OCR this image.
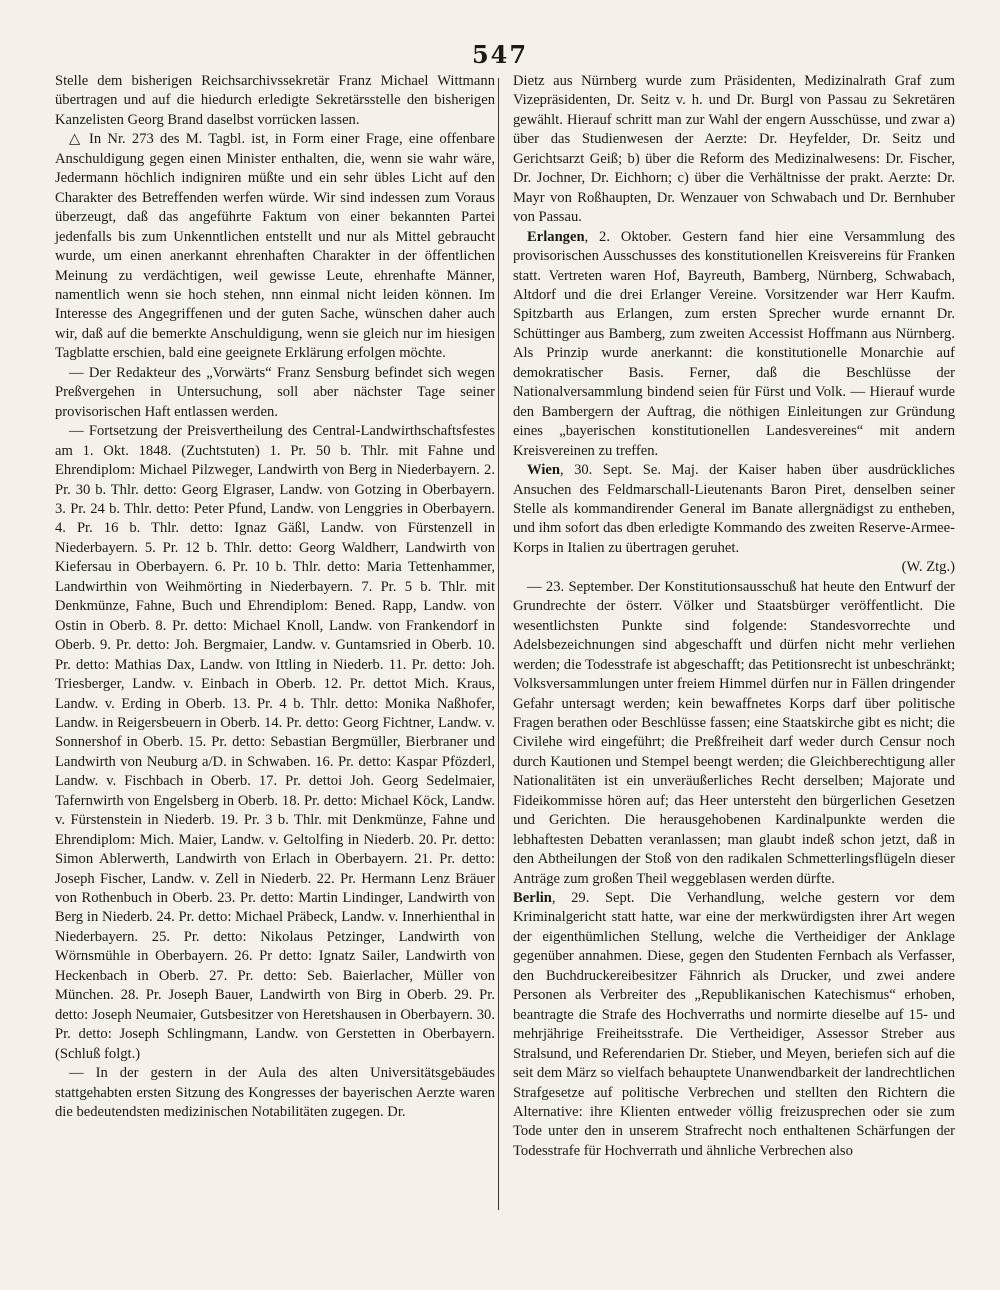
547

Stelle dem bisherigen Reichsarchivssekretär Franz Michael Wittmann übertragen und auf die hiedurch erledigte Sekretärsstelle den bisherigen Kanzelisten Georg Brand daselbst vorrücken lassen.

△ In Nr. 273 des M. Tagbl. ist, in Form einer Frage, eine offenbare Anschuldigung gegen einen Minister enthalten, die, wenn sie wahr wäre, Jedermann höchlich indigniren müßte und ein sehr übles Licht auf den Charakter des Betreffenden werfen würde. Wir sind indessen zum Voraus überzeugt, daß das angeführte Faktum von einer bekannten Partei jedenfalls bis zum Unkenntlichen entstellt und nur als Mittel gebraucht wurde, um einen anerkannt ehrenhaften Charakter in der öffentlichen Meinung zu verdächtigen, weil gewisse Leute, ehrenhafte Männer, namentlich wenn sie hoch stehen, nnn einmal nicht leiden können. Im Interesse des Angegriffenen und der guten Sache, wünschen daher auch wir, daß auf die bemerkte Anschuldigung, wenn sie gleich nur im hiesigen Tagblatte erschien, bald eine geeignete Erklärung erfolgen möchte.

— Der Redakteur des „Vorwärts“ Franz Sensburg befindet sich wegen Preßvergehen in Untersuchung, soll aber nächster Tage seiner provisorischen Haft entlassen werden.

— Fortsetzung der Preisvertheilung des Central-Landwirthschaftsfestes am 1. Okt. 1848. (Zuchtstuten) 1. Pr. 50 b. Thlr. mit Fahne und Ehrendiplom: Michael Pilzweger, Landwirth von Berg in Niederbayern. 2. Pr. 30 b. Thlr. detto: Georg Elgraser, Landw. von Gotzing in Oberbayern. 3. Pr. 24 b. Thlr. detto: Peter Pfund, Landw. von Lenggries in Oberbayern. 4. Pr. 16 b. Thlr. detto: Ignaz Gäßl, Landw. von Fürstenzell in Niederbayern. 5. Pr. 12 b. Thlr. detto: Georg Waldherr, Landwirth von Kiefersau in Oberbayern. 6. Pr. 10 b. Thlr. detto: Maria Tettenhammer, Landwirthin von Weihmörting in Niederbayern. 7. Pr. 5 b. Thlr. mit Denkmünze, Fahne, Buch und Ehrendiplom: Bened. Rapp, Landw. von Ostin in Oberb. 8. Pr. detto: Michael Knoll, Landw. von Frankendorf in Oberb. 9. Pr. detto: Joh. Bergmaier, Landw. v. Guntamsried in Oberb. 10. Pr. detto: Mathias Dax, Landw. von Ittling in Niederb. 11. Pr. detto: Joh. Triesberger, Landw. v. Einbach in Oberb. 12. Pr. dettot Mich. Kraus, Landw. v. Erding in Oberb. 13. Pr. 4 b. Thlr. detto: Monika Naßhofer, Landw. in Reigersbeuern in Oberb. 14. Pr. detto: Georg Fichtner, Landw. v. Sonnershof in Oberb. 15. Pr. detto: Sebastian Bergmüller, Bierbraner und Landwirth von Neuburg a/D. in Schwaben. 16. Pr. detto: Kaspar Pfözderl, Landw. v. Fischbach in Oberb. 17. Pr. dettoi Joh. Georg Sedelmaier, Tafernwirth von Engelsberg in Oberb. 18. Pr. detto: Michael Köck, Landw. v. Fürstenstein in Niederb. 19. Pr. 3 b. Thlr. mit Denkmünze, Fahne und Ehrendiplom: Mich. Maier, Landw. v. Geltolfing in Niederb. 20. Pr. detto: Simon Ablerwerth, Landwirth von Erlach in Oberbayern. 21. Pr. detto: Joseph Fischer, Landw. v. Zell in Niederb. 22. Pr. Hermann Lenz Bräuer von Rothenbuch in Oberb. 23. Pr. detto: Martin Lindinger, Landwirth von Berg in Niederb. 24. Pr. detto: Michael Präbeck, Landw. v. Innerhienthal in Niederbayern. 25. Pr. detto: Nikolaus Petzinger, Landwirth von Wörnsmühle in Oberbayern. 26. Pr detto: Ignatz Sailer, Landwirth von Heckenbach in Oberb. 27. Pr. detto: Seb. Baierlacher, Müller von München. 28. Pr. Joseph Bauer, Landwirth von Birg in Oberb. 29. Pr. detto: Joseph Neumaier, Gutsbesitzer von Heretshausen in Oberbayern. 30. Pr. detto: Joseph Schlingmann, Landw. von Gerstetten in Oberbayern. (Schluß folgt.)

— In der gestern in der Aula des alten Universitätsgebäudes stattgehabten ersten Sitzung des Kongresses der bayerischen Aerzte waren die bedeutendsten medizinischen Notabilitäten zugegen. Dr.

Dietz aus Nürnberg wurde zum Präsidenten, Medizinalrath Graf zum Vizepräsidenten, Dr. Seitz v. h. und Dr. Burgl von Passau zu Sekretären gewählt. Hierauf schritt man zur Wahl der engern Ausschüsse, und zwar a) über das Studienwesen der Aerzte: Dr. Heyfelder, Dr. Seitz und Gerichtsarzt Geiß; b) über die Reform des Medizinalwesens: Dr. Fischer, Dr. Jochner, Dr. Eichhorn; c) über die Verhältnisse der prakt. Aerzte: Dr. Mayr von Roßhaupten, Dr. Wenzauer von Schwabach und Dr. Bernhuber von Passau.

Erlangen, 2. Oktober. Gestern fand hier eine Versammlung des provisorischen Ausschusses des konstitutionellen Kreisvereins für Franken statt. Vertreten waren Hof, Bayreuth, Bamberg, Nürnberg, Schwabach, Altdorf und die drei Erlanger Vereine. Vorsitzender war Herr Kaufm. Spitzbarth aus Erlangen, zum ersten Sprecher wurde ernannt Dr. Schüttinger aus Bamberg, zum zweiten Accessist Hoffmann aus Nürnberg. Als Prinzip wurde anerkannt: die konstitutionelle Monarchie auf demokratischer Basis. Ferner, daß die Beschlüsse der Nationalversammlung bindend seien für Fürst und Volk. — Hierauf wurde den Bambergern der Auftrag, die nöthigen Einleitungen zur Gründung eines „bayerischen konstitutionellen Landesvereines“ mit andern Kreisvereinen zu treffen.

Wien, 30. Sept. Se. Maj. der Kaiser haben über ausdrückliches Ansuchen des Feldmarschall-Lieutenants Baron Piret, denselben seiner Stelle als kommandirender General im Banate allergnädigst zu entheben, und ihm sofort das dben erledigte Kommando des zweiten Reserve-Armee-Korps in Italien zu übertragen geruhet.

(W. Ztg.)

— 23. September. Der Konstitutionsausschuß hat heute den Entwurf der Grundrechte der österr. Völker und Staatsbürger veröffentlicht. Die wesentlichsten Punkte sind folgende: Standesvorrechte und Adelsbezeichnungen sind abgeschafft und dürfen nicht mehr verliehen werden; die Todesstrafe ist abgeschafft; das Petitionsrecht ist unbeschränkt; Volksversammlungen unter freiem Himmel dürfen nur in Fällen dringender Gefahr untersagt werden; kein bewaffnetes Korps darf über politische Fragen berathen oder Beschlüsse fassen; eine Staatskirche gibt es nicht; die Civilehe wird eingeführt; die Preßfreiheit darf weder durch Censur noch durch Kautionen und Stempel beengt werden; die Gleichberechtigung aller Nationalitäten ist ein unveräußerliches Recht derselben; Majorate und Fideikommisse hören auf; das Heer untersteht den bürgerlichen Gesetzen und Gerichten. Die herausgehobenen Kardinalpunkte werden die lebhaftesten Debatten veranlassen; man glaubt indeß schon jetzt, daß in den Abtheilungen der Stoß von den radikalen Schmetterlingsflügeln dieser Anträge zum großen Theil weggeblasen werden dürfte.

Berlin, 29. Sept. Die Verhandlung, welche gestern vor dem Kriminalgericht statt hatte, war eine der merkwürdigsten ihrer Art wegen der eigenthümlichen Stellung, welche die Vertheidiger der Anklage gegenüber annahmen. Diese, gegen den Studenten Fernbach als Verfasser, den Buchdruckereibesitzer Fähnrich als Drucker, und zwei andere Personen als Verbreiter des „Republikanischen Katechismus“ erhoben, beantragte die Strafe des Hochverraths und normirte dieselbe auf 15- und mehrjährige Freiheitsstrafe. Die Vertheidiger, Assessor Streber aus Stralsund, und Referendarien Dr. Stieber, und Meyen, beriefen sich auf die seit dem März so vielfach behauptete Unanwendbarkeit der landrechtlichen Strafgesetze auf politische Verbrechen und stellten den Richtern die Alternative: ihre Klienten entweder völlig freizusprechen oder sie zum Tode unter den in unserem Strafrecht noch enthaltenen Schärfungen der Todesstrafe für Hochverrath und ähnliche Verbrechen also
